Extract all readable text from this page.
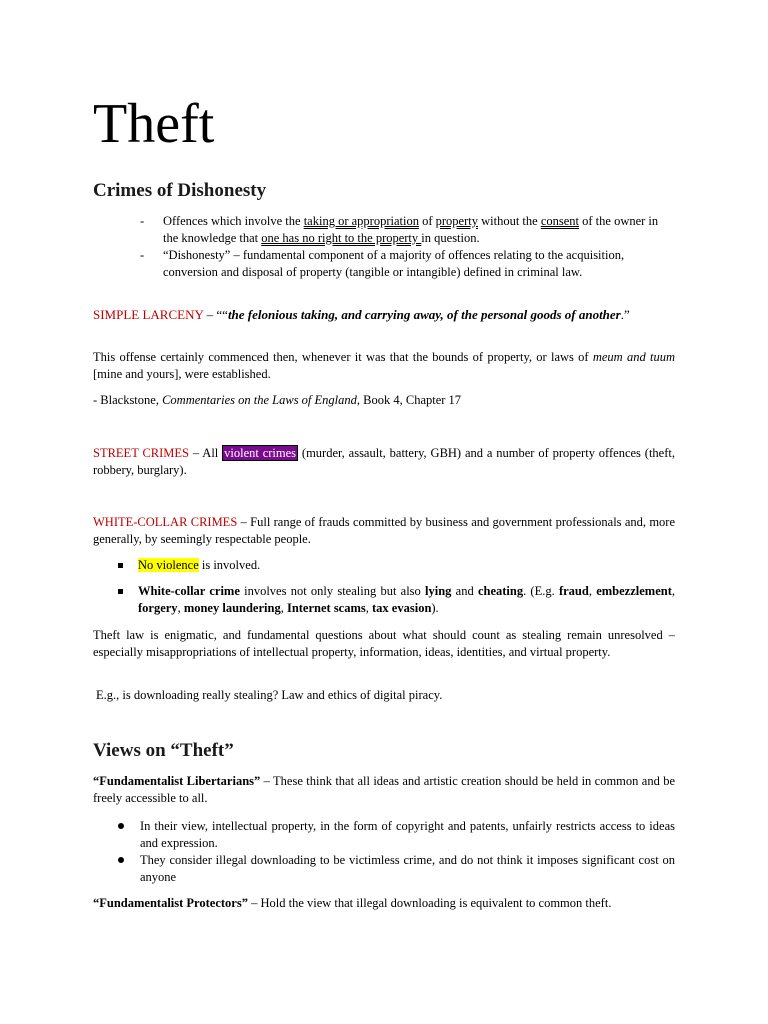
Theft
Crimes of Dishonesty
- Offences which involve the taking or appropriation of property without the consent of the owner in the knowledge that one has no right to the property in question.
- “Dishonesty” – fundamental component of a majority of offences relating to the acquisition, conversion and disposal of property (tangible or intangible) defined in criminal law.
SIMPLE LARCENY – ““the felonious taking, and carrying away, of the personal goods of another.”

This offense certainly commenced then, whenever it was that the bounds of property, or laws of meum and tuum [mine and yours], were established.

- Blackstone, Commentaries on the Laws of England, Book 4, Chapter 17

STREET CRIMES – All violent crimes (murder, assault, battery, GBH) and a number of property offences (theft, robbery, burglary).

WHITE-COLLAR CRIMES – Full range of frauds committed by business and government professionals and, more generally, by seemingly respectable people.

No violence is involved.
White-collar crime involves not only stealing but also lying and cheating. (E.g. fraud, embezzlement, forgery, money laundering, Internet scams, tax evasion).

Theft law is enigmatic, and fundamental questions about what should count as stealing remain unresolved – especially misappropriations of intellectual property, information, ideas, identities, and virtual property.

E.g., is downloading really stealing? Law and ethics of digital piracy.

Views on “Theft”

“Fundamentalist Libertarians” – These think that all ideas and artistic creation should be held in common and be freely accessible to all.

In their view, intellectual property, in the form of copyright and patents, unfairly restricts access to ideas and expression.
They consider illegal downloading to be victimless crime, and do not think it imposes significant cost on anyone

“Fundamentalist Protectors” – Hold the view that illegal downloading is equivalent to common theft.
